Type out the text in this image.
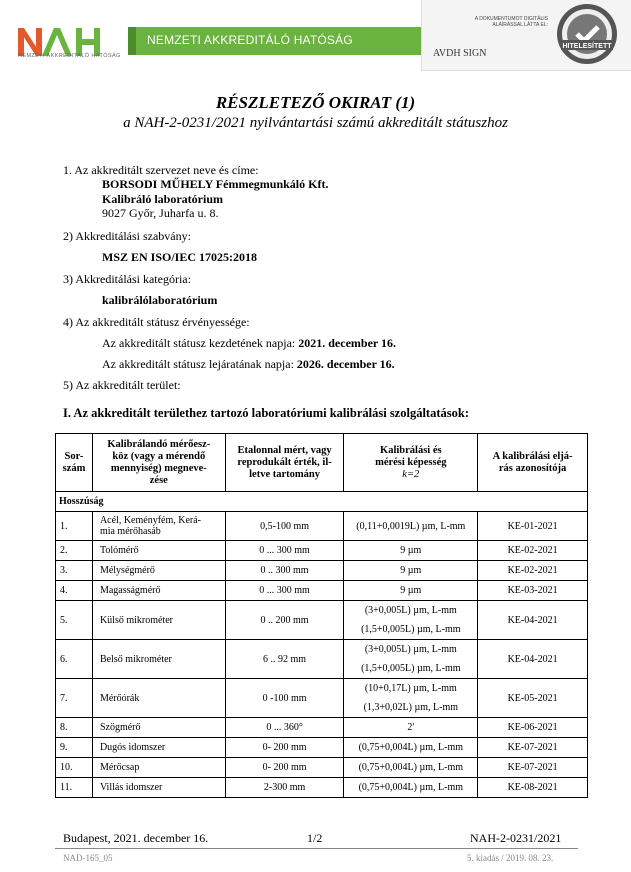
NEMZETI AKKREDITÁLÓ HATÓSÁG
NEMZETI AKKREDITÁLÓ HATÓSÁG
A DOKUMENTUMOT DIGITÁLIS ALÁÍRÁSSAL LÁTTA EL:
AVDH SIGN
HITELESÍTETT
RÉSZLETEZŐ OKIRAT (1)
a NAH-2-0231/2021 nyilvántartási számú akkreditált státuszhoz
1. Az akkreditált szervezet neve és címe:
BORSODI MŰHELY Fémmegmunkáló Kft.
Kalibráló laboratórium
9027 Győr, Juharfa u. 8.
2) Akkreditálási szabvány:
MSZ EN ISO/IEC 17025:2018
3) Akkreditálási kategória:
kalibrálólaboratórium
4) Az akkreditált státusz érvényessége:
Az akkreditált státusz kezdetének napja: 2021. december 16.
Az akkreditált státusz lejáratának napja: 2026. december 16.
5) Az akkreditált terület:
I. Az akkreditált területhez tartozó laboratóriumi kalibrálási szolgáltatások:
Sor-
szám	Kalibrálandó mérőesz-
köz (vagy a mérendő
mennyiség) megneve-
zése	Etalonnal mért, vagy
reprodukált érték, il-
letve tartomány	Kalibrálási és
mérési képesség
k=2	A kalibrálási eljá-
rás azonosítója
Hosszúság				
1.	Acél, Keményfém, Kerá-
mia mérőhasáb	0,5-100 mm	(0,11+0,0019L) µm, L-mm	KE-01-2021
2.	Tolómérő	0 ... 300 mm	9 µm	KE-02-2021
3.	Mélységmérő	0 .. 300 mm	9 µm	KE-02-2021
4.	Magasságmérő	0 ... 300 mm	9 µm	KE-03-2021
5.	Külső mikrométer	0 .. 200 mm	(3+0,005L) µm, L-mm
(1,5+0,005L) µm, L-mm	KE-04-2021
6.	Belső mikrométer	6 .. 92 mm	(3+0,005L) µm, L-mm
(1,5+0,005L) µm, L-mm	KE-04-2021
7.	Mérőórák	0 -100 mm	(10+0,17L) µm, L-mm
(1,3+0,02L) µm, L-mm	KE-05-2021
8.	Szögmérő	0 ... 360°	2'	KE-06-2021
9.	Dugós idomszer	0- 200 mm	(0,75+0,004L) µm, L-mm	KE-07-2021
10.	Mérőcsap	0- 200 mm	(0,75+0,004L) µm, L-mm	KE-07-2021
11.	Villás idomszer	2-300 mm	(0,75+0,004L) µm, L-mm	KE-08-2021
Budapest, 2021. december 16.	1/2	NAH-2-0231/2021
NAD-165_05	5. kiadás / 2019. 08. 23.
